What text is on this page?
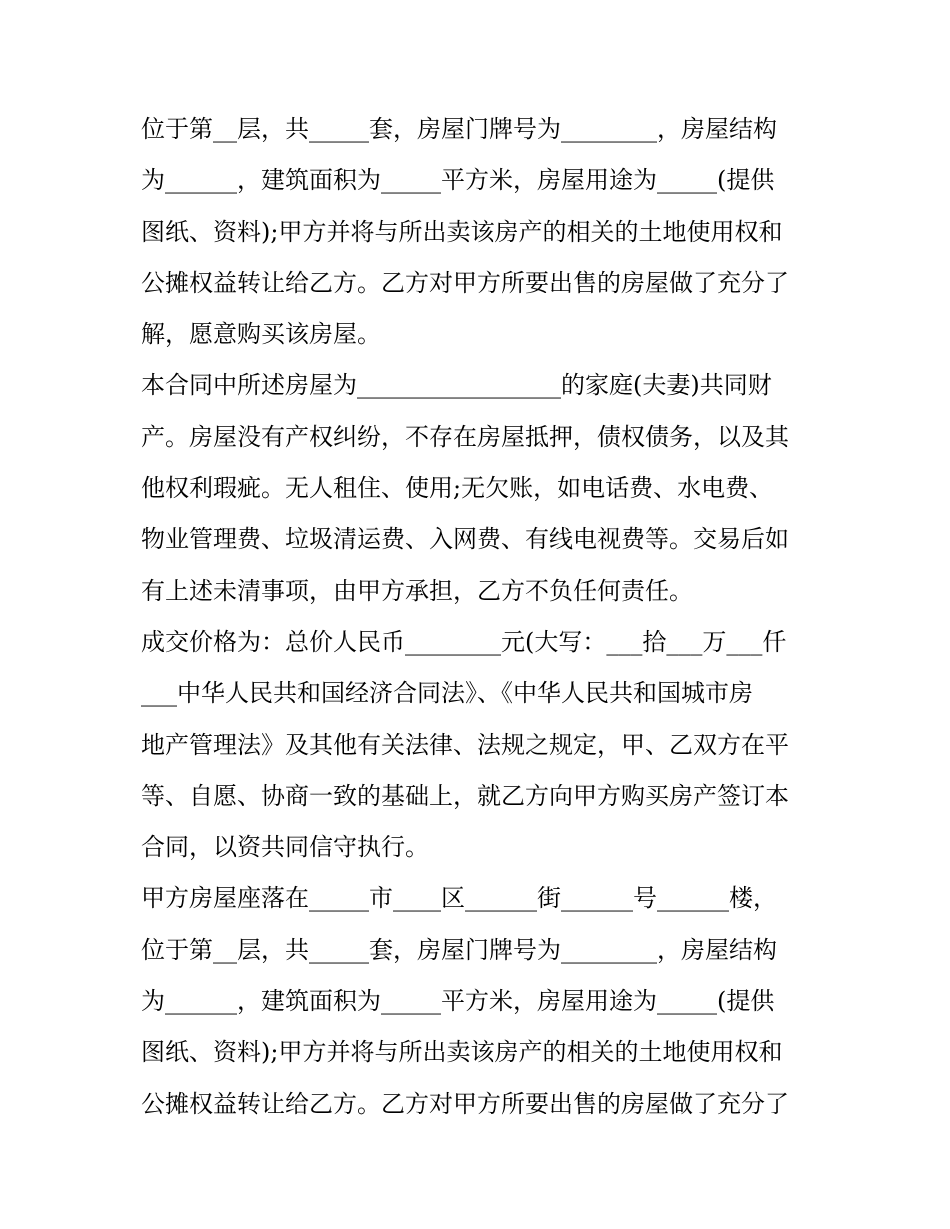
位于第__层，共_____套，房屋门牌号为________，房屋结构
为______，建筑面积为_____平方米，房屋用途为_____(提供
图纸、资料);甲方并将与所出卖该房产的相关的土地使用权和
公摊权益转让给乙方。乙方对甲方所要出售的房屋做了充分了
解，愿意购买该房屋。
本合同中所述房屋为_________________的家庭(夫妻)共同财
产。房屋没有产权纠纷，不存在房屋抵押，债权债务，以及其
他权利瑕疵。无人租住、使用;无欠账，如电话费、水电费、
物业管理费、垃圾清运费、入网费、有线电视费等。交易后如
有上述未清事项，由甲方承担，乙方不负任何责任。
成交价格为：总价人民币________元(大写：___拾___万___仟
___中华人民共和国经济合同法》、《中华人民共和国城市房
地产管理法》及其他有关法律、法规之规定，甲、乙双方在平
等、自愿、协商一致的基础上，就乙方向甲方购买房产签订本
合同，以资共同信守执行。
甲方房屋座落在_____市____区______街______号______楼，
位于第__层，共_____套，房屋门牌号为________，房屋结构
为______，建筑面积为_____平方米，房屋用途为_____(提供
图纸、资料);甲方并将与所出卖该房产的相关的土地使用权和
公摊权益转让给乙方。乙方对甲方所要出售的房屋做了充分了
